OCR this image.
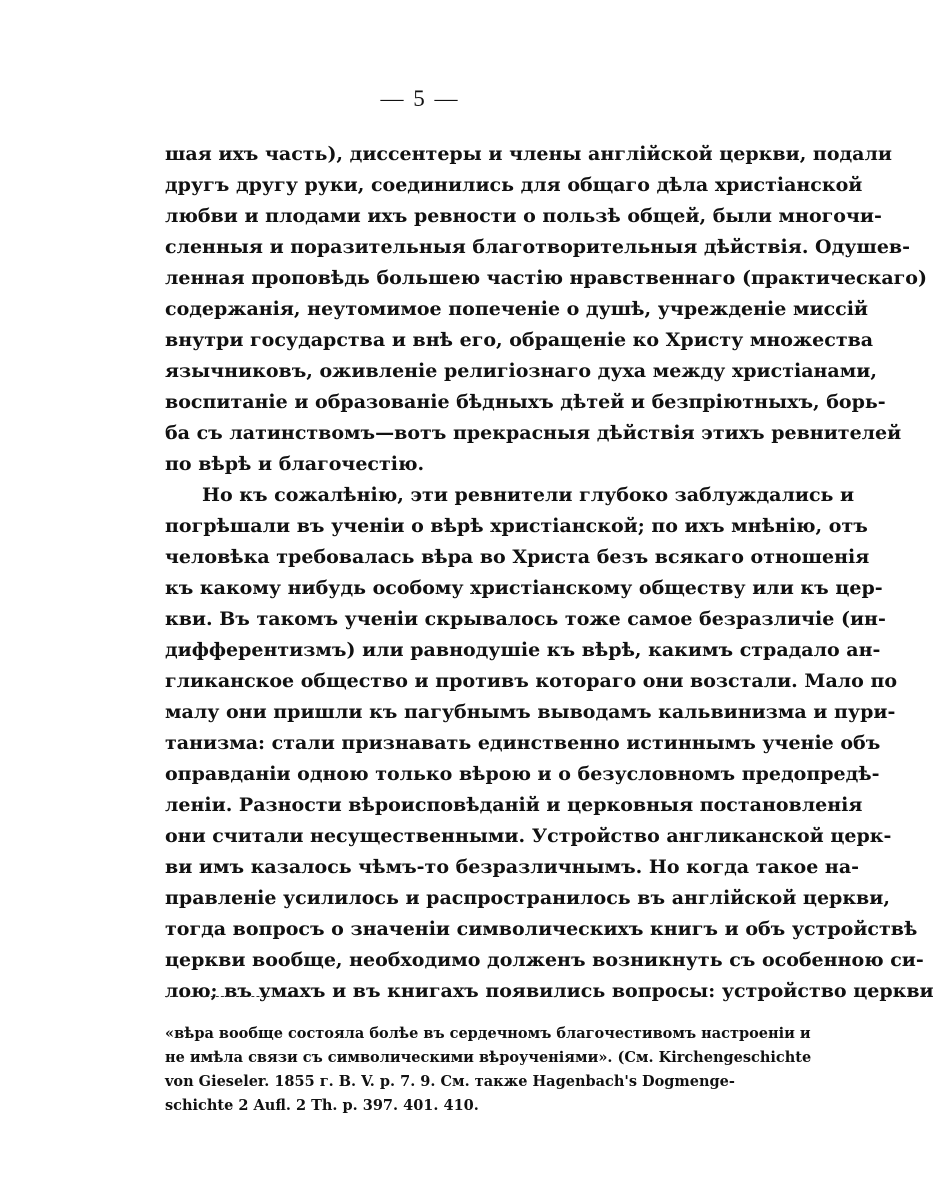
— 5 —
шая ихъ часть), диссентеры и члены англійской церкви, подали
другъ другу руки, соединились для общаго дѣла христіанской
любви и плодами ихъ ревности о пользѣ общей, были многочи-
сленныя и поразительныя благотворительныя дѣйствія. Одушев-
ленная проповѣдь большею частію нравственнаго (практическаго)
содержанія, неутомимое попеченіе о душѣ, учрежденіе миссій
внутри государства и внѣ его, обращеніе ко Христу множества
язычниковъ, оживленіе религіознаго духа между христіанами,
воспитаніе и образованіе бѣдныхъ дѣтей и безпріютныхъ, борь-
ба съ латинствомъ—вотъ прекрасныя дѣйствія этихъ ревнителей
по вѣрѣ и благочестію.
Но къ сожалѣнію, эти ревнители глубоко заблуждались и
погрѣшали въ ученіи о вѣрѣ христіанской; по ихъ мнѣнію, отъ
человѣка требовалась вѣра во Христа безъ всякаго отношенія
къ какому нибудь особому христіанскому обществу или къ цер-
кви. Въ такомъ ученіи скрывалось тоже самое безразличіе (ин-
дифферентизмъ) или равнодушіе къ вѣрѣ, какимъ страдало ан-
гликанское общество и противъ котораго они возстали. Мало по
малу они пришли къ пагубнымъ выводамъ кальвинизма и пури-
танизма: стали признавать единственно истиннымъ ученіе объ
оправданіи одною только вѣрою и о безусловномъ предопредѣ-
леніи. Разности вѣроисповѣданій и церковныя постановленія
они считали несущественными. Устройство англиканской церк-
ви имъ казалось чѣмъ-то безразличнымъ. Но когда такое на-
правленіе усилилось и распространилось въ англійской церкви,
тогда вопросъ о значеніи символическихъ книгъ и объ устройствѣ
церкви вообще, необходимо долженъ возникнуть съ особенною си-
лою; въ умахъ и въ книгахъ появились вопросы: устройство церкви
«вѣра вообще состояла болѣе въ сердечномъ благочестивомъ настроеніи и
не имѣла связи съ символическими вѣроученіями». (См. Kirchengeschichte
von Gieseler. 1855 г. B. V. p. 7. 9. См. также Hagenbach's Dogmenge-
schichte 2 Aufl. 2 Th. p. 397. 401. 410.
